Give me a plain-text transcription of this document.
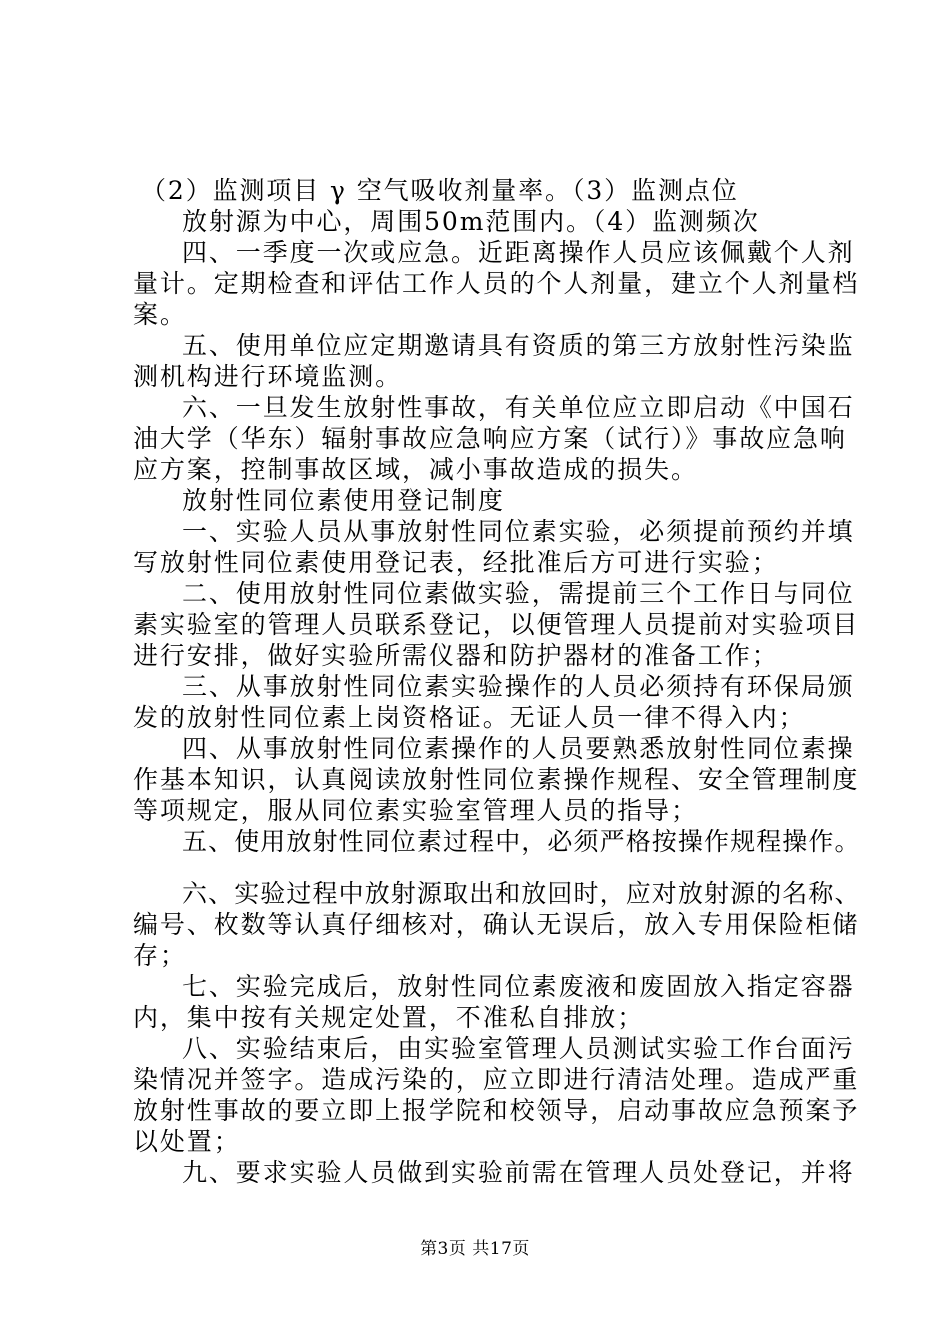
（2）监测项目 γ 空气吸收剂量率。（3）监测点位
放射源为中心，周围50m范围内。（4）监测频次
四、一季度一次或应急。近距离操作人员应该佩戴个人剂
量计。定期检查和评估工作人员的个人剂量，建立个人剂量档
案。
五、使用单位应定期邀请具有资质的第三方放射性污染监
测机构进行环境监测。
六、一旦发生放射性事故，有关单位应立即启动《中国石
油大学（华东）辐射事故应急响应方案（试行）》事故应急响
应方案，控制事故区域，减小事故造成的损失。
放射性同位素使用登记制度
一、实验人员从事放射性同位素实验，必须提前预约并填
写放射性同位素使用登记表，经批准后方可进行实验；
二、使用放射性同位素做实验，需提前三个工作日与同位
素实验室的管理人员联系登记，以便管理人员提前对实验项目
进行安排，做好实验所需仪器和防护器材的准备工作；
三、从事放射性同位素实验操作的人员必须持有环保局颁
发的放射性同位素上岗资格证。无证人员一律不得入内；
四、从事放射性同位素操作的人员要熟悉放射性同位素操
作基本知识，认真阅读放射性同位素操作规程、安全管理制度
等项规定，服从同位素实验室管理人员的指导；
五、使用放射性同位素过程中，必须严格按操作规程操作。
六、实验过程中放射源取出和放回时，应对放射源的名称、
编号、枚数等认真仔细核对，确认无误后，放入专用保险柜储
存；
七、实验完成后，放射性同位素废液和废固放入指定容器
内，集中按有关规定处置，不准私自排放；
八、实验结束后，由实验室管理人员测试实验工作台面污
染情况并签字。造成污染的，应立即进行清洁处理。造成严重
放射性事故的要立即上报学院和校领导，启动事故应急预案予
以处置；
九、要求实验人员做到实验前需在管理人员处登记，并将
第3页 共17页
